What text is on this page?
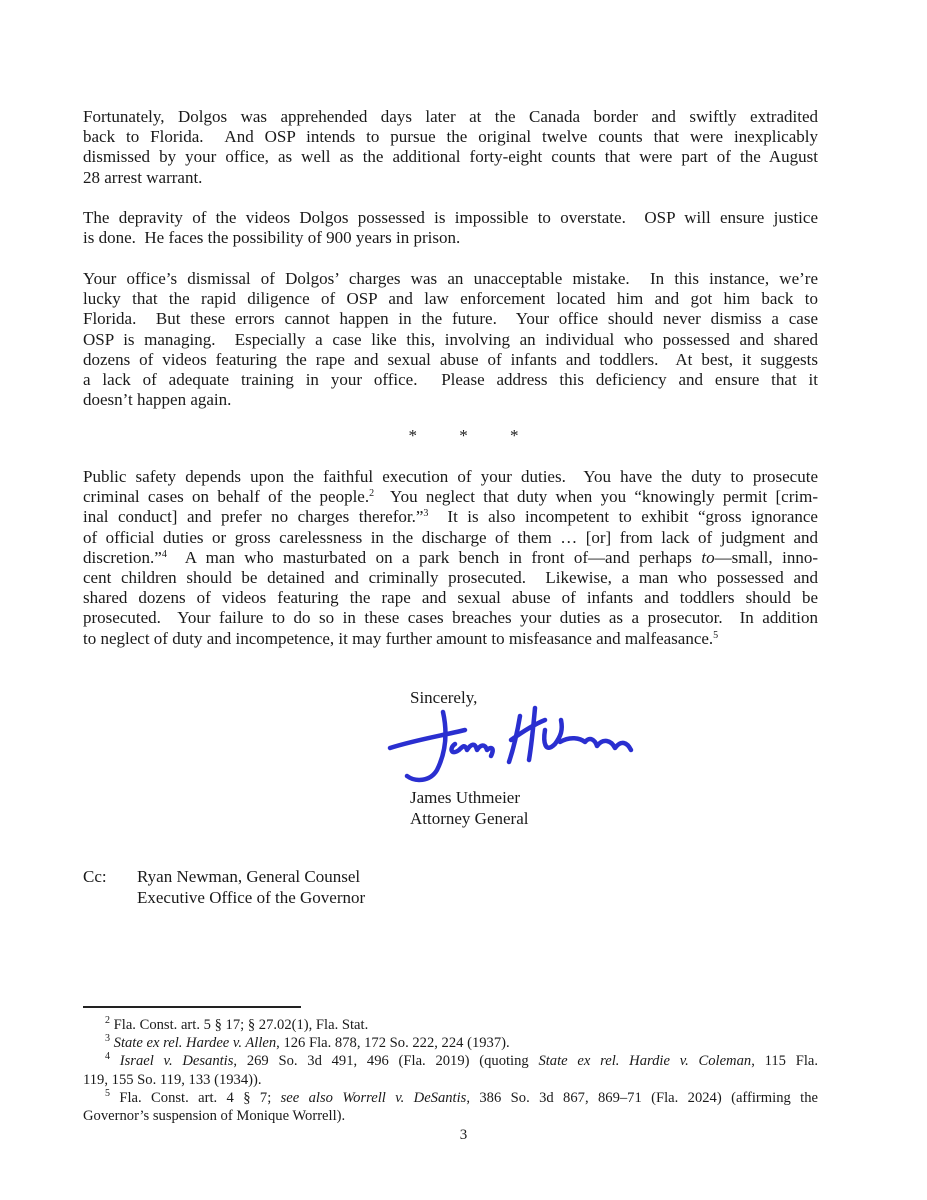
Fortunately, Dolgos was apprehended days later at the Canada border and swiftly extradited
back to Florida.  And OSP intends to pursue the original twelve counts that were inexplicably
dismissed by your office, as well as the additional forty-eight counts that were part of the August
28 arrest warrant.
The depravity of the videos Dolgos possessed is impossible to overstate.  OSP will ensure justice
is done.  He faces the possibility of 900 years in prison.
Your office’s dismissal of Dolgos’ charges was an unacceptable mistake.  In this instance, we’re
lucky that the rapid diligence of OSP and law enforcement located him and got him back to
Florida.  But these errors cannot happen in the future.  Your office should never dismiss a case
OSP is managing.  Especially a case like this, involving an individual who possessed and shared
dozens of videos featuring the rape and sexual abuse of infants and toddlers.  At best, it suggests
a lack of adequate training in your office.  Please address this deficiency and ensure that it
doesn’t happen again.
* * *
Public safety depends upon the faithful execution of your duties.  You have the duty to prosecute
criminal cases on behalf of the people.$^2$  You neglect that duty when you “knowingly permit [crim-
inal conduct] and prefer no charges therefor.”$^3$  It is also incompetent to exhibit “gross ignorance
of official duties or gross carelessness in the discharge of them … [or] from lack of judgment and
discretion.”$^4$  A man who masturbated on a park bench in front of—and perhaps to—small, inno-
cent children should be detained and criminally prosecuted.  Likewise, a man who possessed and
shared dozens of videos featuring the rape and sexual abuse of infants and toddlers should be
prosecuted.  Your failure to do so in these cases breaches your duties as a prosecutor.  In addition
to neglect of duty and incompetence, it may further amount to misfeasance and malfeasance.$^5$
Sincerely,
James Uthmeier
Attorney General
Cc:	Ryan Newman, General Counsel
Executive Office of the Governor
$^2$ Fla. Const. art. 5 § 17; § 27.02(1), Fla. Stat.
$^3$ State ex rel. Hardee v. Allen, 126 Fla. 878, 172 So. 222, 224 (1937).
$^4$ Israel v. Desantis, 269 So. 3d 491, 496 (Fla. 2019) (quoting State ex rel. Hardie v. Coleman, 115 Fla.
119, 155 So. 119, 133 (1934)).
$^5$ Fla. Const. art. 4 § 7; see also Worrell v. DeSantis, 386 So. 3d 867, 869–71 (Fla. 2024) (affirming the
Governor’s suspension of Monique Worrell).
3
